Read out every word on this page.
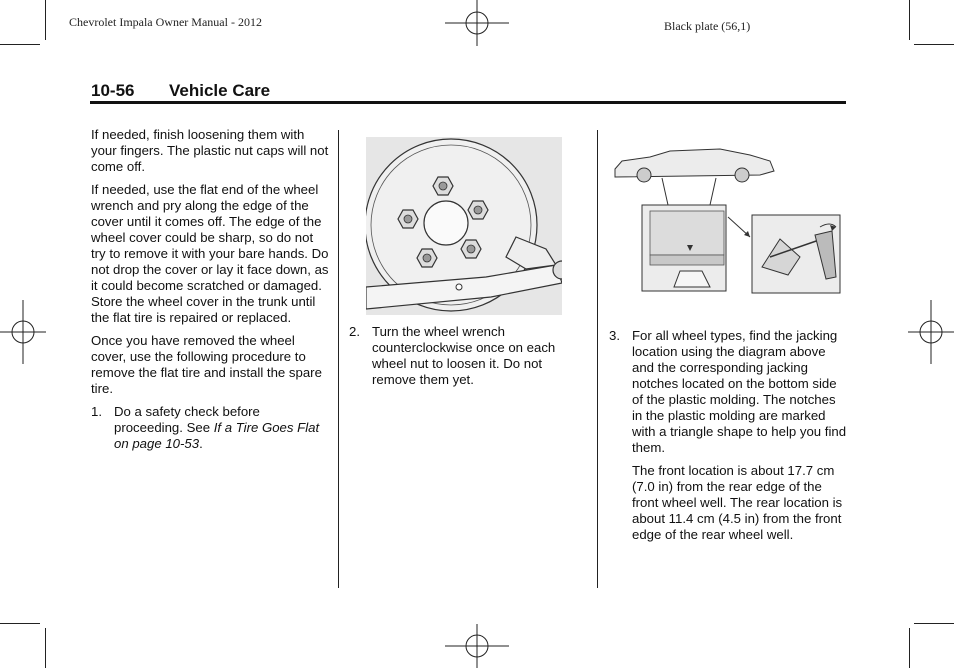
Chevrolet Impala Owner Manual - 2012	Black plate (56,1)
10-56 Vehicle Care

If needed, finish loosening them with your fingers. The plastic nut caps will not come off.

If needed, use the flat end of the wheel wrench and pry along the edge of the cover until it comes off. The edge of the wheel cover could be sharp, so do not try to remove it with your bare hands. Do not drop the cover or lay it face down, as it could become scratched or damaged. Store the wheel cover in the trunk until the flat tire is repaired or replaced.

Once you have removed the wheel cover, use the following procedure to remove the flat tire and install the spare tire.

1. Do a safety check before proceeding. See If a Tire Goes Flat on page 10-53.
2. Turn the wheel wrench counterclockwise once on each wheel nut to loosen it. Do not remove them yet.
3. For all wheel types, find the jacking location using the diagram above and the corresponding jacking notches located on the bottom side of the plastic molding. The notches in the plastic molding are marked with a triangle shape to help you find them.

The front location is about 17.7 cm (7.0 in) from the rear edge of the front wheel well. The rear location is about 11.4 cm (4.5 in) from the front edge of the rear wheel well.
